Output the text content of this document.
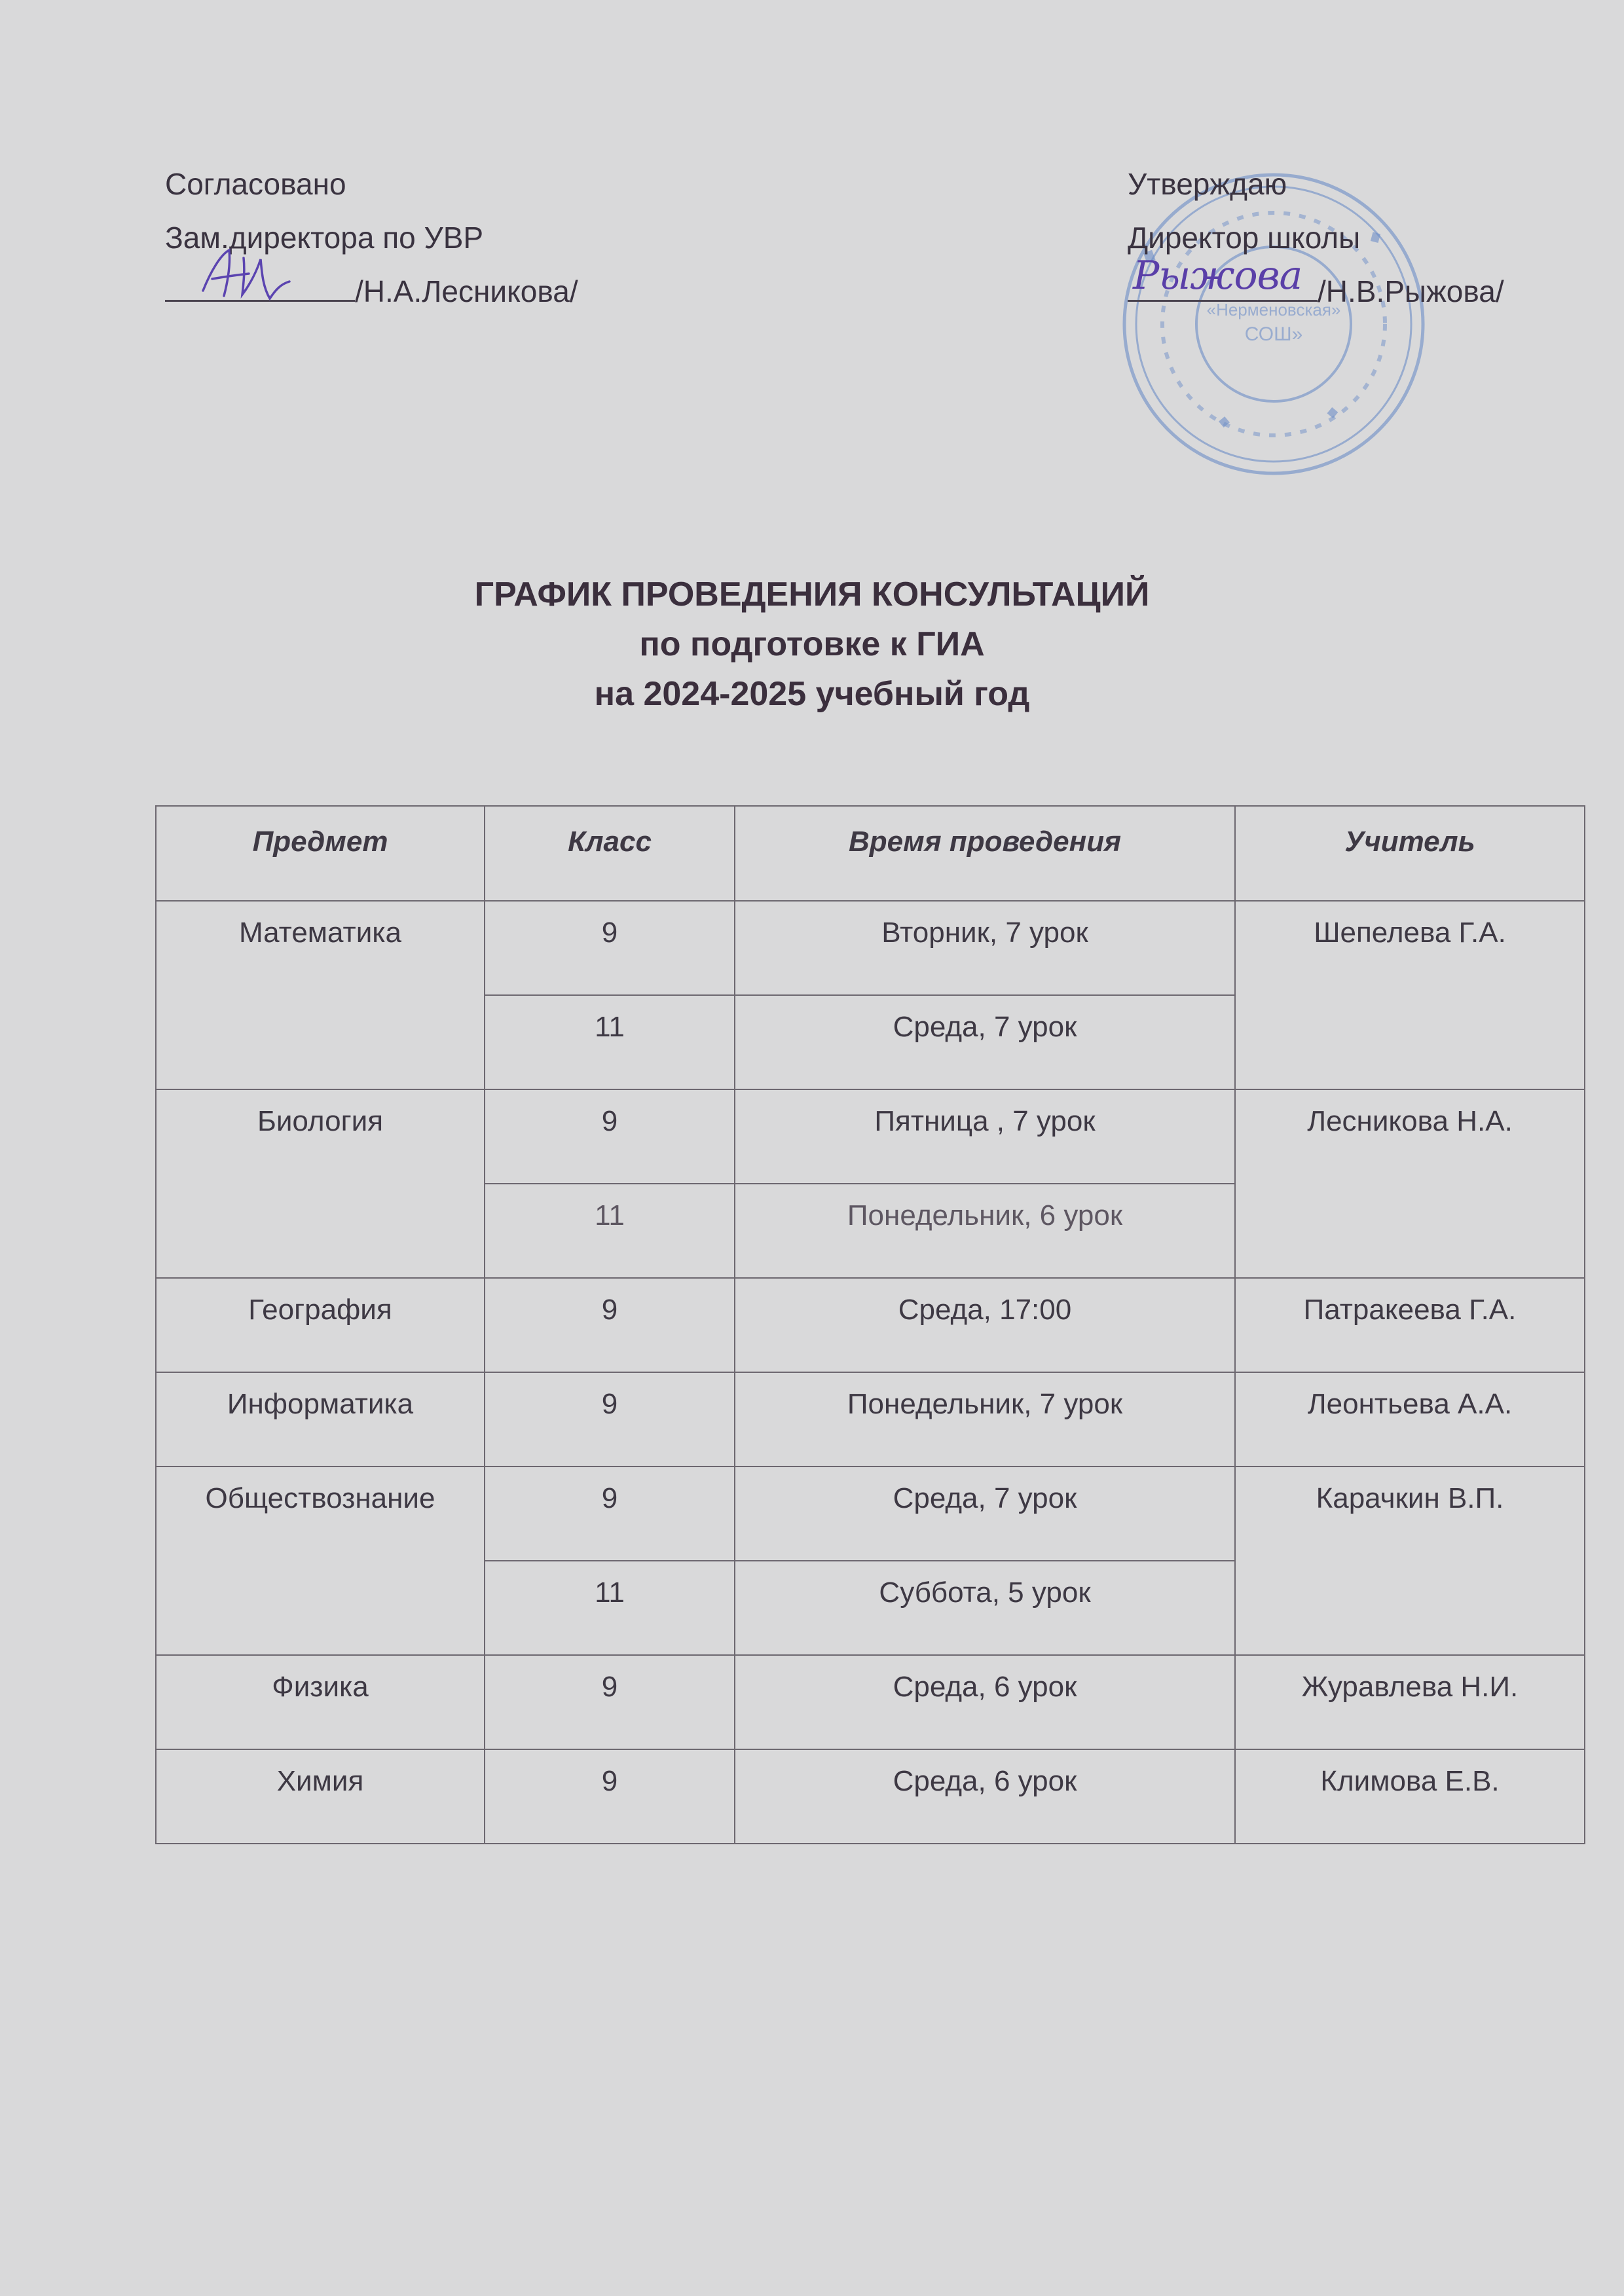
Согласовано
Зам.директора по УВР
/Н.А.Лесникова/
«Нерменовская»
СОШ»
Утверждаю
Директор школы
Рыжова /Н.В.Рыжова/
ГРАФИК ПРОВЕДЕНИЯ КОНСУЛЬТАЦИЙ
по подготовке к ГИА
на 2024-2025 учебный год
Предмет	Класс	Время проведения	Учитель
Математика	9	Вторник, 7 урок	Шепелева Г.А.
	11	Среда, 7 урок	
Биология	9	Пятница , 7 урок	Лесникова Н.А.
	11	Понедельник, 6 урок	
География	9	Среда, 17:00	Патракеева Г.А.
Информатика	9	Понедельник, 7 урок	Леонтьева А.А.
Обществознание	9	Среда, 7 урок	Карачкин В.П.
	11	Суббота, 5 урок	
Физика	9	Среда, 6 урок	Журавлева Н.И.
Химия	9	Среда, 6 урок	Климова Е.В.
